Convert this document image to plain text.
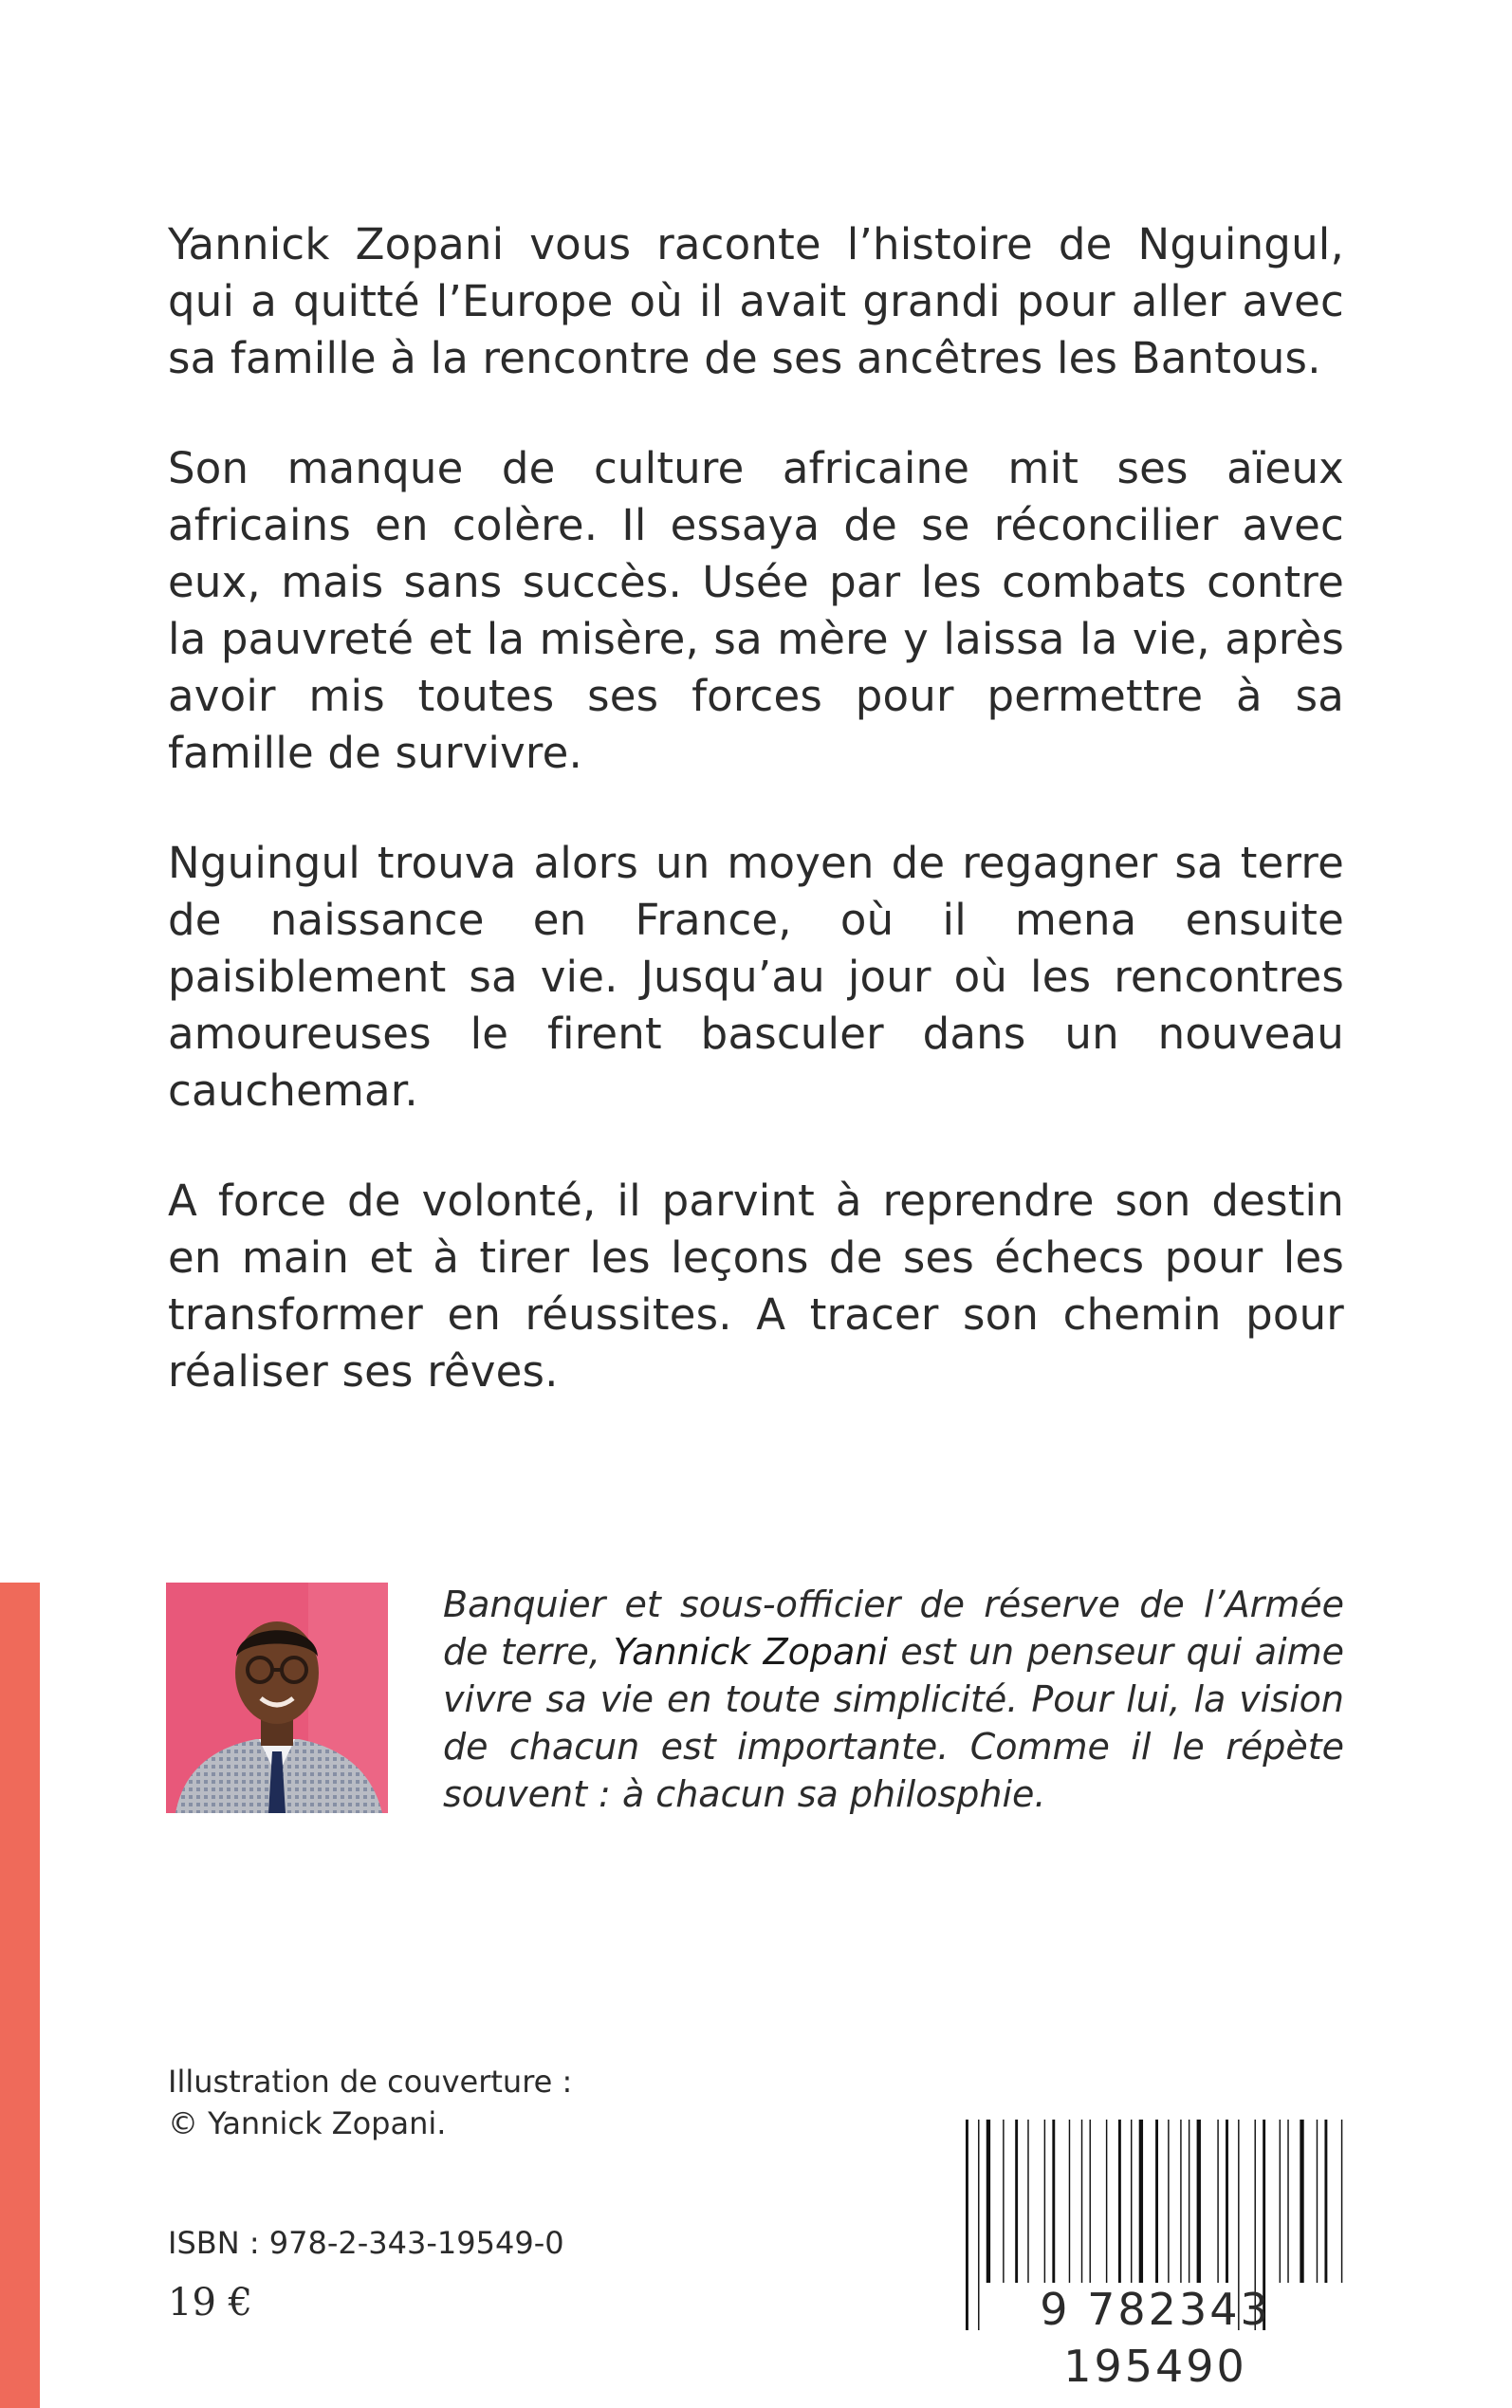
Yannick Zopani vous raconte l’histoire de Nguingul, qui a quitté l’Europe où il avait grandi pour aller avec sa famille à la rencontre de ses ancêtres les Bantous.

Son manque de culture africaine mit ses aïeux africains en colère. Il essaya de se réconcilier avec eux, mais sans succès. Usée par les combats contre la pauvreté et la misère, sa mère y laissa la vie, après avoir mis toutes ses forces pour permettre à sa famille de survivre.

Nguingul trouva alors un moyen de regagner sa terre de naissance en France, où il mena ensuite paisiblement sa vie. Jusqu’au jour où les rencontres amoureuses le firent basculer dans un nouveau cauchemar.

A force de volonté, il parvint à reprendre son destin en main et à tirer les leçons de ses échecs pour les transformer en réussites. A tracer son chemin pour réaliser ses rêves.

Banquier et sous-officier de réserve de l’Armée de terre, Yannick Zopani est un penseur qui aime vivre sa vie en toute simplicité. Pour lui, la vision de chacun est importante. Comme il le répète souvent : à chacun sa philosphie.

Illustration de couverture :
© Yannick Zopani.

ISBN : 978-2-343-19549-0

19 €	9 782343 195490
